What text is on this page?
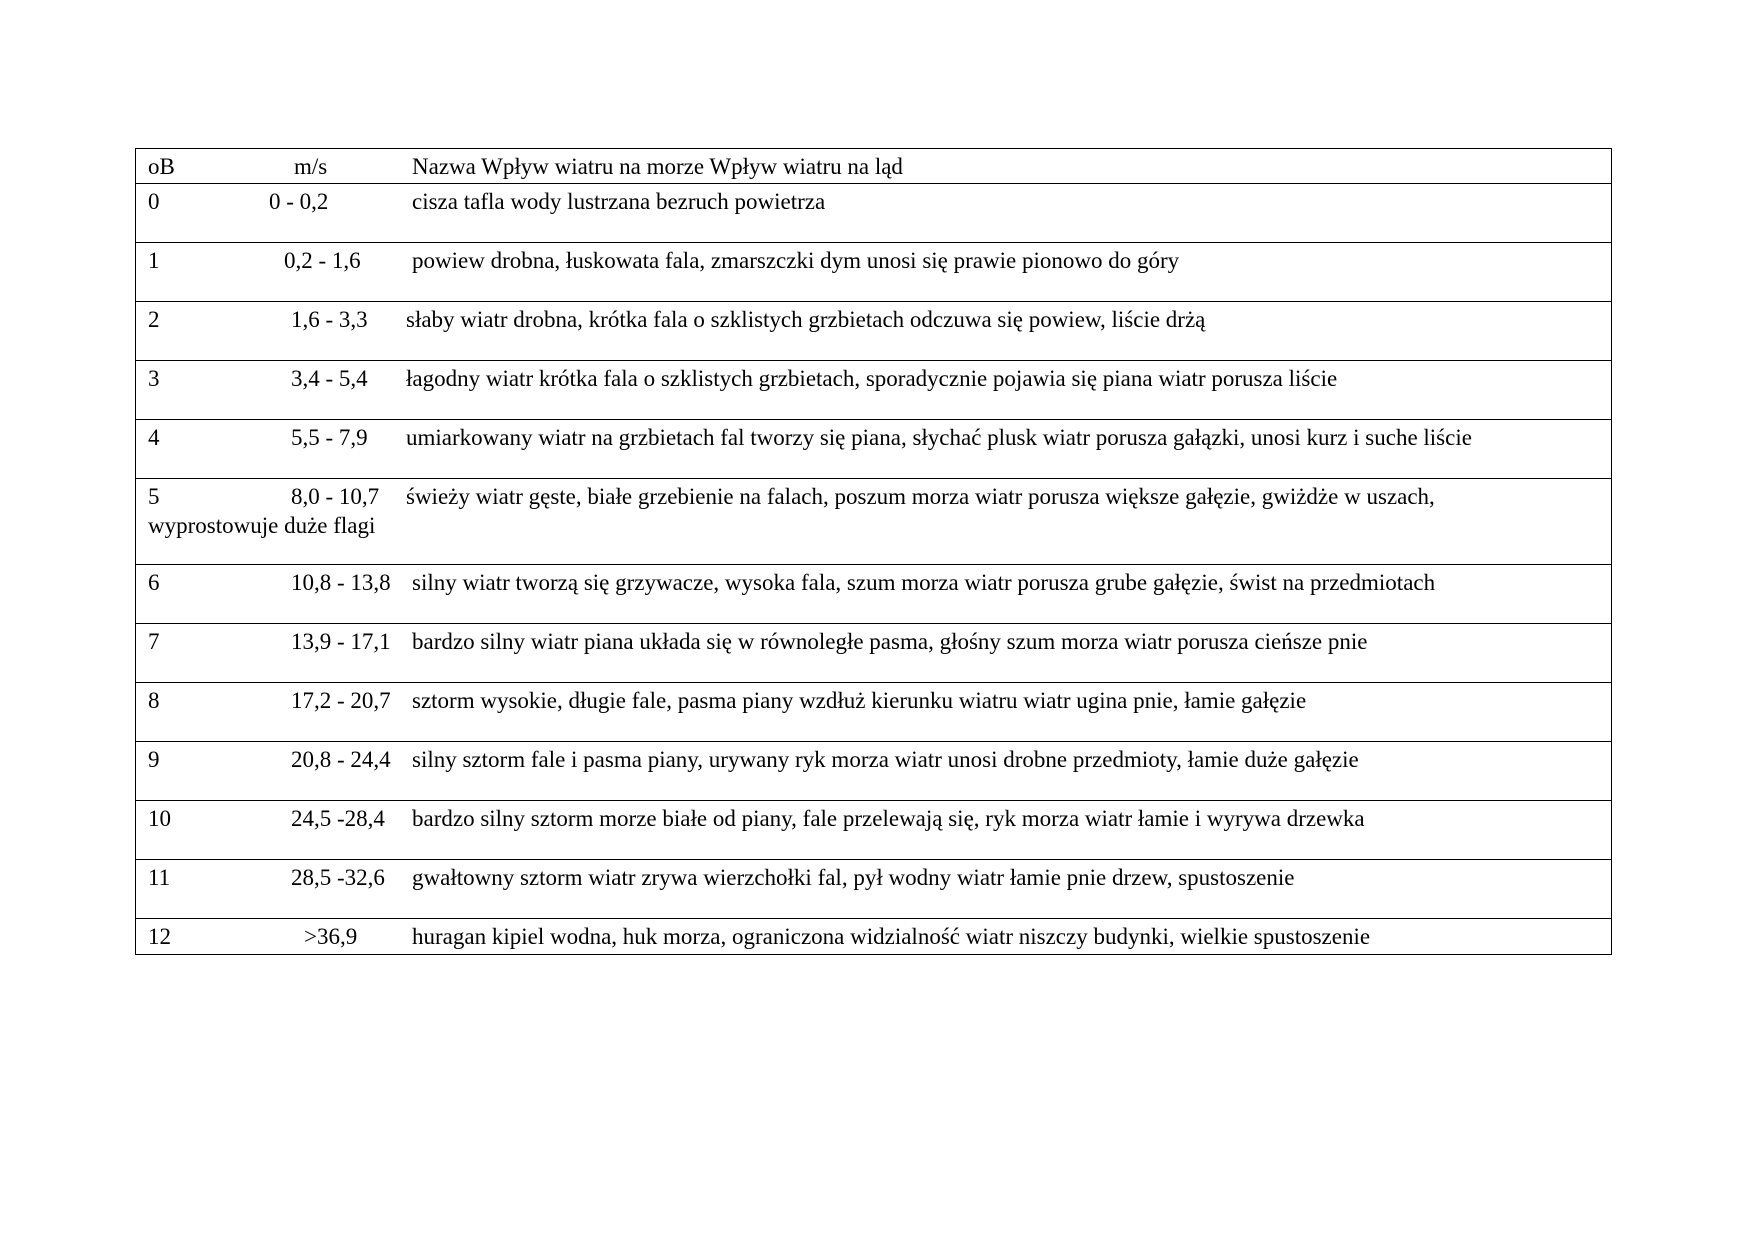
oB	m/s	Nazwa Wpływ wiatru na morze Wpływ wiatru na ląd
0	0 - 0,2	cisza tafla wody lustrzana bezruch powietrza
1	0,2 - 1,6 powiew drobna, łuskowata fala, zmarszczki dym unosi się prawie pionowo do góry
2	1,6 - 3,3 słaby wiatr drobna, krótka fala o szklistych grzbietach odczuwa się powiew, liście drżą
3	3,4 - 5,4 łagodny wiatr krótka fala o szklistych grzbietach, sporadycznie pojawia się piana wiatr porusza liście
4	5,5 - 7,9 umiarkowany wiatr na grzbietach fal tworzy się piana, słychać plusk wiatr porusza gałązki, unosi kurz i suche liście
5	8,0 - 10,7 świeży wiatr gęste, białe grzebienie na falach, poszum morza wiatr porusza większe gałęzie, gwiżdże w uszach,
wyprostowuje duże flagi
6	10,8 - 13,8 silny wiatr tworzą się grzywacze, wysoka fala, szum morza wiatr porusza grube gałęzie, świst na przedmiotach
7	13,9 - 17,1 bardzo silny wiatr piana układa się w równoległe pasma, głośny szum morza wiatr porusza cieńsze pnie
8	17,2 - 20,7 sztorm wysokie, długie fale, pasma piany wzdłuż kierunku wiatru wiatr ugina pnie, łamie gałęzie
9	20,8 - 24,4 silny sztorm fale i pasma piany, urywany ryk morza wiatr unosi drobne przedmioty, łamie duże gałęzie
10	24,5 -28,4 bardzo silny sztorm morze białe od piany, fale przelewają się, ryk morza wiatr łamie i wyrywa drzewka
11	28,5 -32,6 gwałtowny sztorm wiatr zrywa wierzchołki fal, pył wodny wiatr łamie pnie drzew, spustoszenie
12	>36,9 huragan kipiel wodna, huk morza, ograniczona widzialność wiatr niszczy budynki, wielkie spustoszenie
